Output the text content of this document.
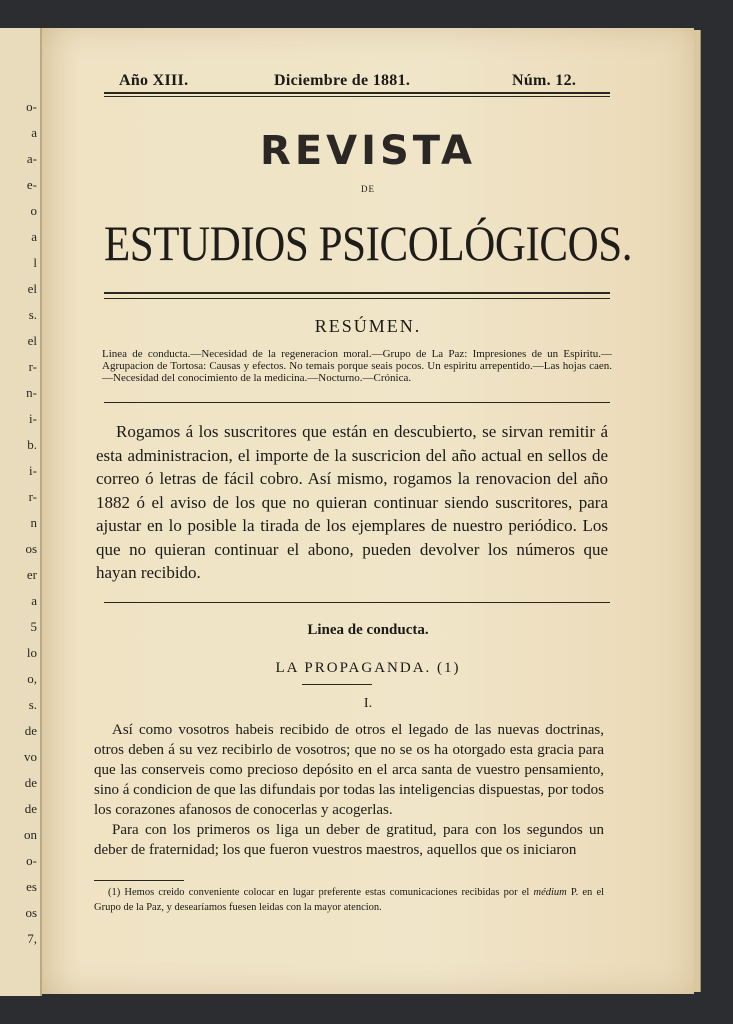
o-
a
a-
e-
o
a
l
el
s.
el
r-
n-
i-
b.
i-
r-
n
os
er
a
5
lo
o,
s.
de
vo
de
de
on
o-
es
os
7,
Año XIII.	Diciembre de 1881.	Núm. 12.
REVISTA
DE
ESTUDIOS PSICOLÓGICOS.
RESÚMEN.
Linea de conducta.—Necesidad de la regeneracion moral.—Grupo de La Paz: Impresiones de un Espiritu.—Agrupacion de Tortosa: Causas y efectos. No temais porque seais pocos. Un espiritu arrepentido.—Las hojas caen.—Necesidad del conocimiento de la medicina.—Nocturno.—Crónica.

Rogamos á los suscritores que están en descubierto, se sirvan remitir á esta administracion, el importe de la suscricion del año actual en sellos de correo ó letras de fácil cobro. Así mismo, rogamos la renovacion del año 1882 ó el aviso de los que no quieran continuar siendo suscritores, para ajustar en lo posible la tirada de los ejemplares de nuestro periódico. Los que no quieran continuar el abono, pueden devolver los números que hayan recibido.

Linea de conducta.
LA PROPAGANDA. (1)
I.

Así como vosotros habeis recibido de otros el legado de las nuevas doctrinas, otros deben á su vez recibirlo de vosotros; que no se os ha otorgado esta gracia para que las conserveis como precioso depósito en el arca santa de vuestro pensamiento, sino á condicion de que las difundais por todas las inteligencias dispuestas, por todos los corazones afanosos de conocerlas y acogerlas.

Para con los primeros os liga un deber de gratitud, para con los segundos un deber de fraternidad; los que fueron vuestros maestros, aquellos que os iniciaron

(1) Hemos creido conveniente colocar en lugar preferente estas comunicaciones recibidas por el médium P. en el Grupo de la Paz, y desearíamos fuesen leidas con la mayor atencion.
